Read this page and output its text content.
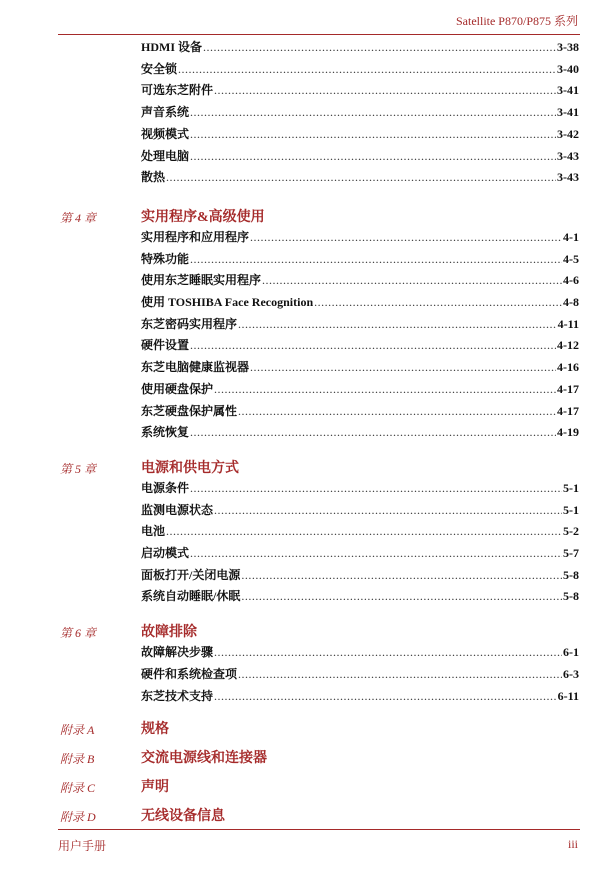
Satellite P870/P875 系列
HDMI 设备 .....	3-38
安全锁 .....	3-40
可选东芝附件 .....	3-41
声音系统 .....	3-41
视频模式 .....	3-42
处理电脑 .....	3-43
散热 .....	3-43
第 4 章	实用程序&高级使用
实用程序和应用程序 .....	4-1
特殊功能 .....	4-5
使用东芝睡眠实用程序 .....	4-6
使用 TOSHIBA Face Recognition .....	4-8
东芝密码实用程序 .....	4-11
硬件设置 .....	4-12
东芝电脑健康监视器 .....	4-16
使用硬盘保护 .....	4-17
东芝硬盘保护属性 .....	4-17
系统恢复 .....	4-19
第 5 章	电源和供电方式
电源条件 .....	5-1
监测电源状态 .....	5-1
电池 .....	5-2
启动模式 .....	5-7
面板打开/关闭电源 .....	5-8
系统自动睡眠/休眠 .....	5-8
第 6 章	故障排除
故障解决步骤 .....	6-1
硬件和系统检查项 .....	6-3
东芝技术支持 .....	6-11
附录 A	规格
附录 B	交流电源线和连接器
附录 C	声明
附录 D	无线设备信息
用户手册	iii
